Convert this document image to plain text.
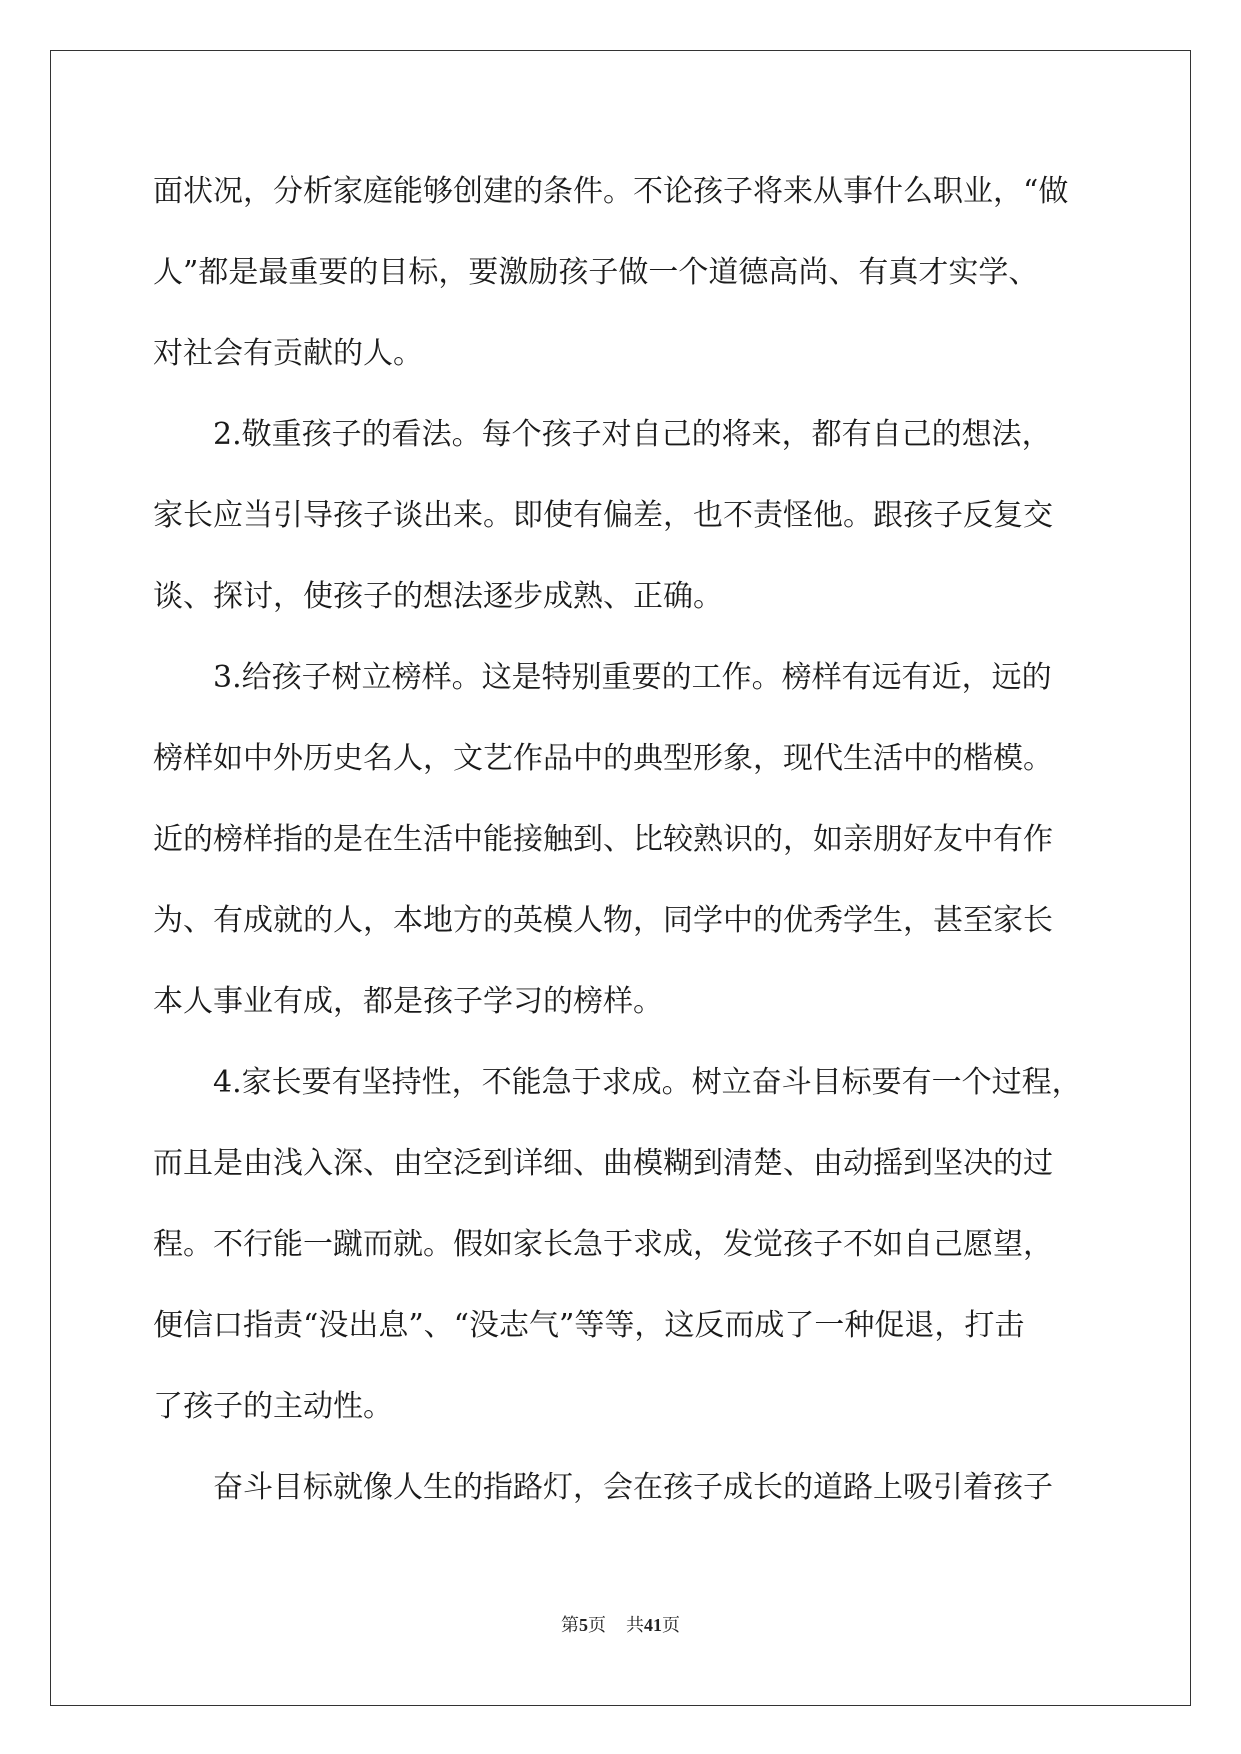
面状况，分析家庭能够创建的条件。不论孩子将来从事什么职业，“做
人”都是最重要的目标，要激励孩子做一个道德高尚、有真才实学、
对社会有贡献的人。
2.敬重孩子的看法。每个孩子对自己的将来，都有自己的想法，
家长应当引导孩子谈出来。即使有偏差，也不责怪他。跟孩子反复交
谈、探讨，使孩子的想法逐步成熟、正确。
3.给孩子树立榜样。这是特别重要的工作。榜样有远有近，远的
榜样如中外历史名人，文艺作品中的典型形象，现代生活中的楷模。
近的榜样指的是在生活中能接触到、比较熟识的，如亲朋好友中有作
为、有成就的人，本地方的英模人物，同学中的优秀学生，甚至家长
本人事业有成，都是孩子学习的榜样。
4.家长要有坚持性，不能急于求成。树立奋斗目标要有一个过程，
而且是由浅入深、由空泛到详细、曲模糊到清楚、由动摇到坚决的过
程。不行能一蹴而就。假如家长急于求成，发觉孩子不如自己愿望，
便信口指责“没出息”、“没志气”等等，这反而成了一种促退，打击
了孩子的主动性。
奋斗目标就像人生的指路灯，会在孩子成长的道路上吸引着孩子
第5页 共41页
